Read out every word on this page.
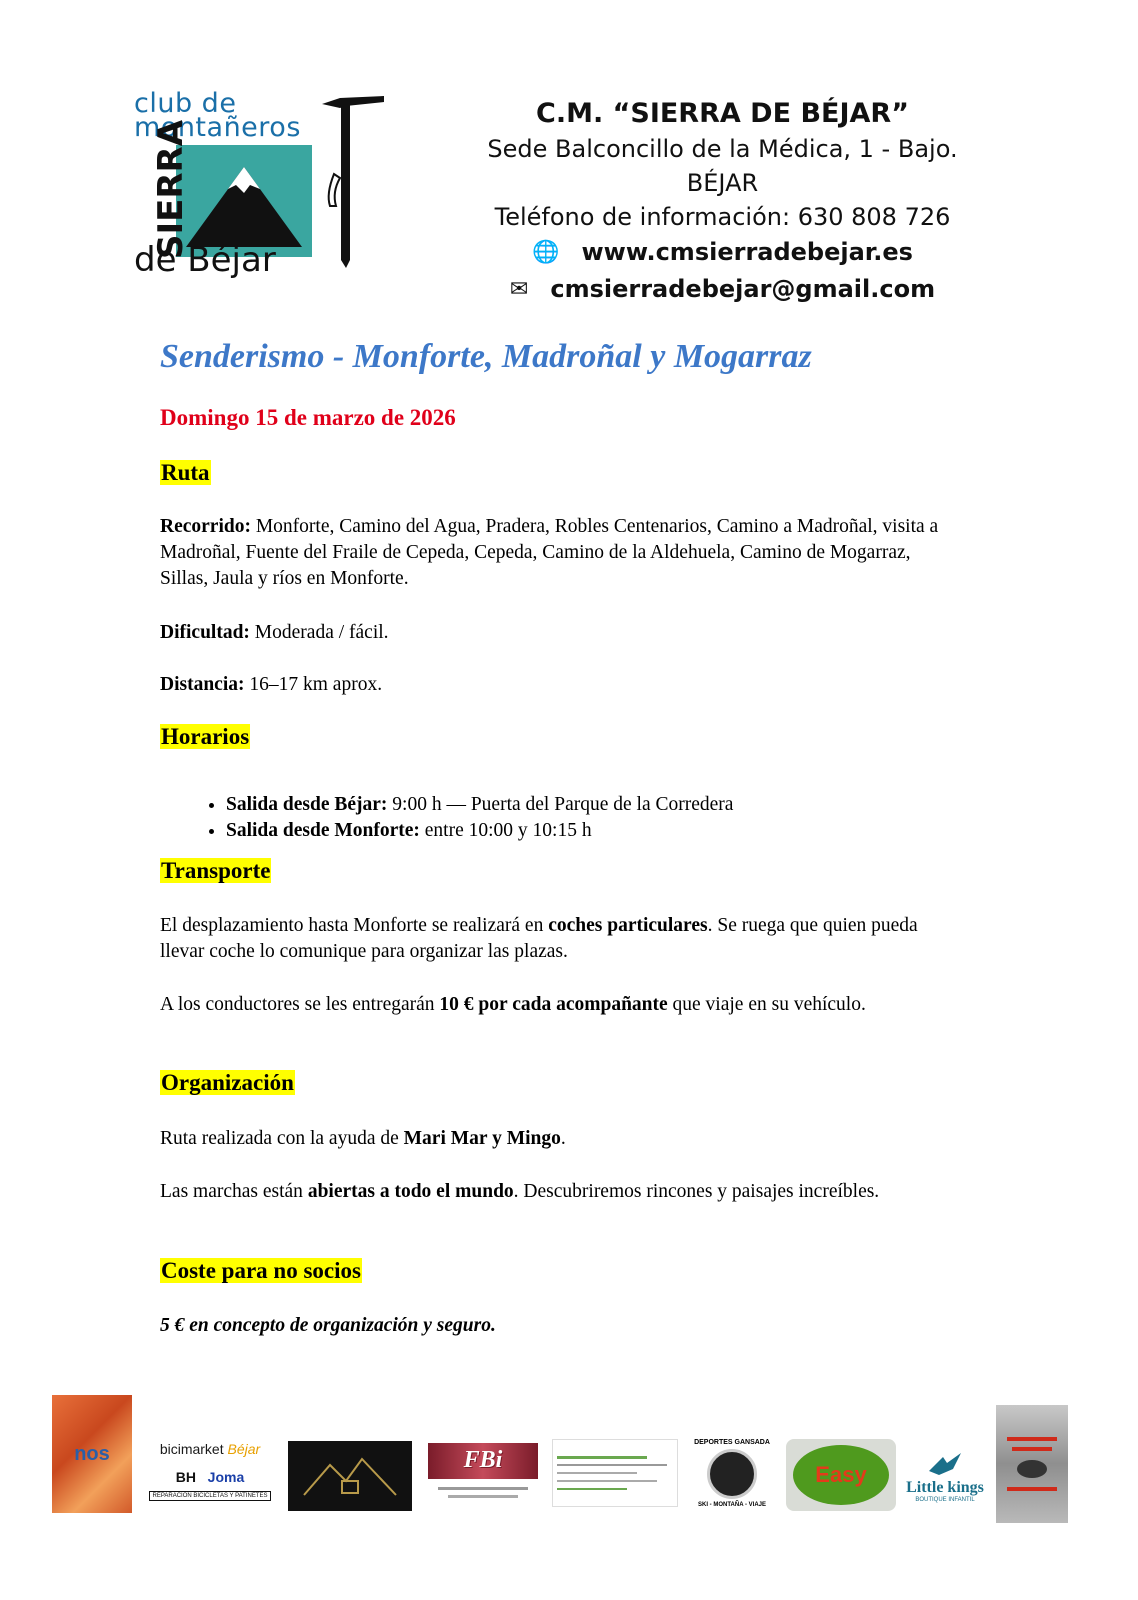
club de
montañeros
SIERRA
de Béjar
C.M. “SIERRA DE BÉJAR”
Sede Balconcillo de la Médica, 1 - Bajo. BÉJAR
Teléfono de información: 630 808 726
🌐 www.cmsierradebejar.es
✉ cmsierradebejar@gmail.com
Senderismo - Monforte, Madroñal y Mogarraz
Domingo 15 de marzo de 2026
Ruta
Recorrido: Monforte, Camino del Agua, Pradera, Robles Centenarios, Camino a Madroñal, visita a Madroñal, Fuente del Fraile de Cepeda, Cepeda, Camino de la Aldehuela, Camino de Mogarraz, Sillas, Jaula y ríos en Monforte.
Dificultad: Moderada / fácil.
Distancia: 16–17 km aprox.
Horarios
• Salida desde Béjar: 9:00 h — Puerta del Parque de la Corredera
• Salida desde Monforte: entre 10:00 y 10:15 h
Transporte
El desplazamiento hasta Monforte se realizará en coches particulares. Se ruega que quien pueda llevar coche lo comunique para organizar las plazas.
A los conductores se les entregarán 10 € por cada acompañante que viaje en su vehículo.
Organización
Ruta realizada con la ayuda de Mari Mar y Mingo.
Las marchas están abiertas a todo el mundo. Descubriremos rincones y paisajes increíbles.
Coste para no socios
5 € en concepto de organización y seguro.
nos	bicimarket Béjar
BH Joma
REPARACION BICICLETAS Y PATINETES
FBi
DEPORTES GANSADA
SKI - MONTAÑA - VIAJE
Easy
Little kings
BOUTIQUE INFANTIL
